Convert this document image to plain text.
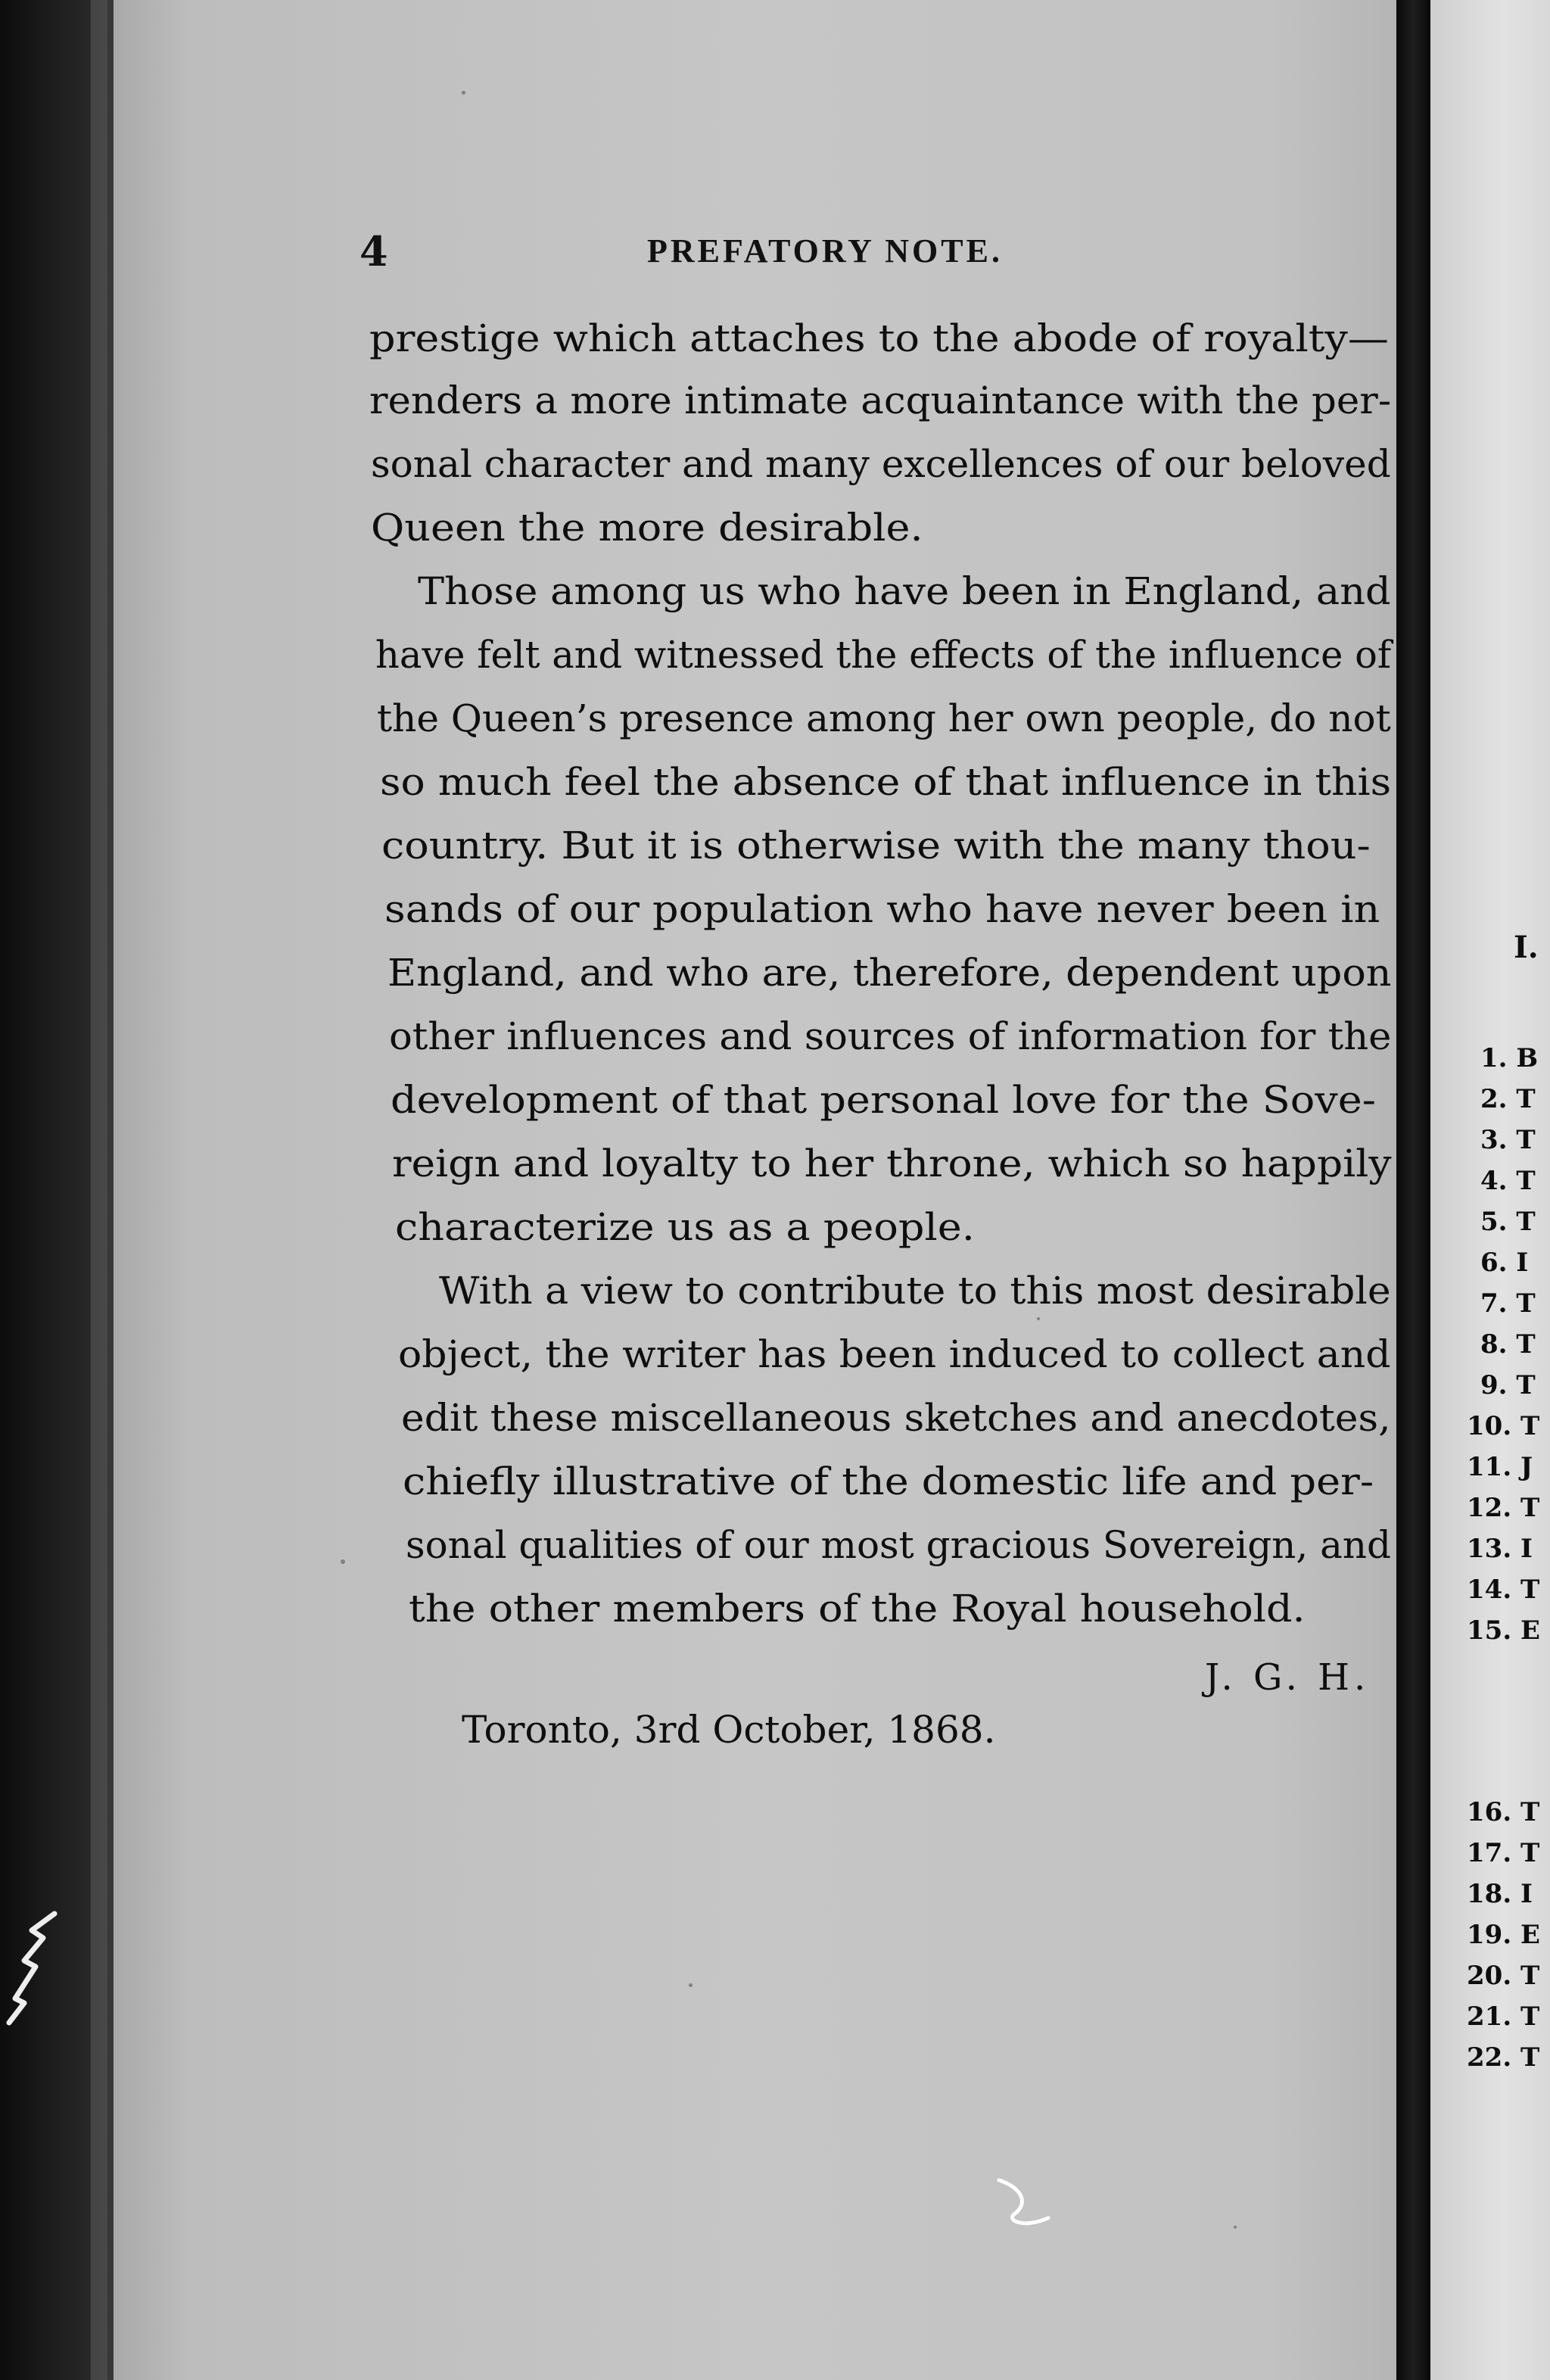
I.
1. B
2. T
3. T
4. T
5. T
6. I
7. T
8. T
9. T
10. T
11. J
12. T
13. I
14. T
15. E
16. T
17. T
18. I
19. E
20. T
21. T
22. T
4	PREFATORY NOTE.
prestige which attaches to the abode of royalty—
renders a more intimate acquaintance with the per-
sonal character and many excellences of our beloved
Queen the more desirable.
Those among us who have been in England, and
have felt and witnessed the effects of the influence of
the Queen’s presence among her own people, do not
so much feel the absence of that influence in this
country. But it is otherwise with the many thou-
sands of our population who have never been in
England, and who are, therefore, dependent upon
other influences and sources of information for the
development of that personal love for the Sove-
reign and loyalty to her throne, which so happily
characterize us as a people.
With a view to contribute to this most desirable
object, the writer has been induced to collect and
edit these miscellaneous sketches and anecdotes,
chiefly illustrative of the domestic life and per-
sonal qualities of our most gracious Sovereign, and
the other members of the Royal household.
J. G. H.
Toronto, 3rd October, 1868.
